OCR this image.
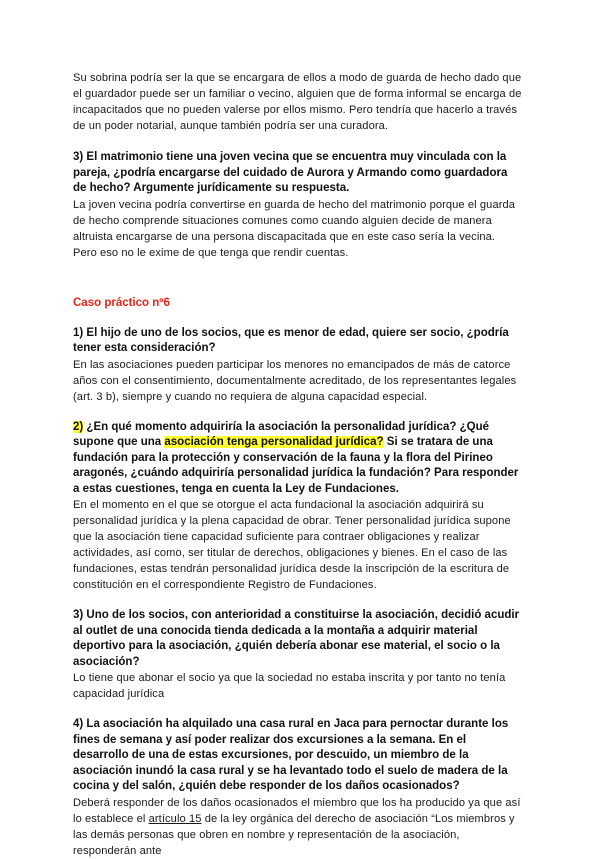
Su sobrina podría ser la que se encargara de ellos a modo de guarda de hecho dado que el guardador puede ser un familiar o vecino, alguien que de forma informal se encarga de incapacitados que no pueden valerse por ellos mismo. Pero tendría que hacerlo a través de un poder notarial, aunque también podría ser una curadora.

3) El matrimonio tiene una joven vecina que se encuentra muy vinculada con la pareja, ¿podría encargarse del cuidado de Aurora y Armando como guardadora de hecho? Argumente jurídicamente su respuesta.

La joven vecina podría convertirse en guarda de hecho del matrimonio porque el guarda de hecho comprende situaciones comunes como cuando alguien decide de manera altruista encargarse de una persona discapacitada que en este caso sería la vecina. Pero eso no le exime de que tenga que rendir cuentas.

Caso práctico nº6

1) El hijo de uno de los socios, que es menor de edad, quiere ser socio, ¿podría tener esta consideración?

En las asociaciones pueden participar los menores no emancipados de más de catorce años con el consentimiento, documentalmente acreditado, de los representantes legales (art. 3 b), siempre y cuando no requiera de alguna capacidad especial.

2) ¿En qué momento adquiriría la asociación la personalidad jurídica? ¿Qué supone que una asociación tenga personalidad jurídica? Si se tratara de una fundación para la protección y conservación de la fauna y la flora del Pirineo aragonés, ¿cuándo adquiriría personalidad jurídica la fundación? Para responder a estas cuestiones, tenga en cuenta la Ley de Fundaciones.

En el momento en el que se otorgue el acta fundacional la asociación adquirirá su personalidad jurídica y la plena capacidad de obrar. Tener personalidad jurídica supone que la asociación tiene capacidad suficiente para contraer obligaciones y realizar actividades, así como, ser titular de derechos, obligaciones y bienes. En el caso de las fundaciones, estas tendrán personalidad jurídica desde la inscripción de la escritura de constitución en el correspondiente Registro de Fundaciones.

3) Uno de los socios, con anterioridad a constituirse la asociación, decidió acudir al outlet de una conocida tienda dedicada a la montaña a adquirir material deportivo para la asociación, ¿quién debería abonar ese material, el socio o la asociación?

Lo tiene que abonar el socio ya que la sociedad no estaba inscrita y por tanto no tenía capacidad jurídica

4) La asociación ha alquilado una casa rural en Jaca para pernoctar durante los fines de semana y así poder realizar dos excursiones a la semana. En el desarrollo de una de estas excursiones, por descuido, un miembro de la asociación inundó la casa rural y se ha levantado todo el suelo de madera de la cocina y del salón, ¿quién debe responder de los daños ocasionados?

Deberá responder de los daños ocasionados el miembro que los ha producido ya que así lo establece el artículo 15 de la ley orgánica del derecho de asociación “Los miembros y las demás personas que obren en nombre y representación de la asociación, responderán ante
